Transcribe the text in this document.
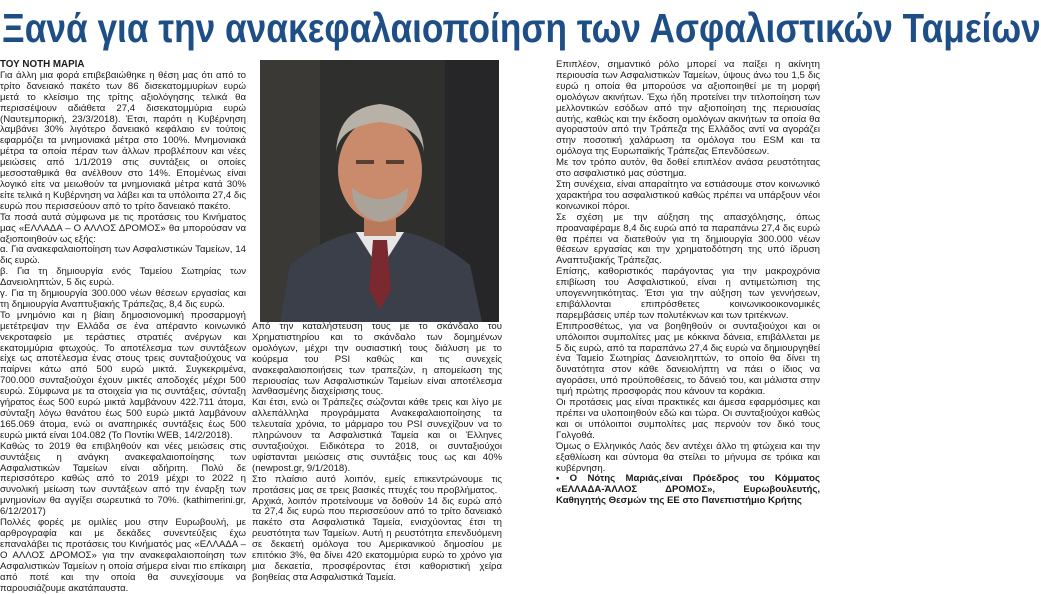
Ξανά για την ανακεφαλαιοποίηση των Ασφαλιστικών Ταμείων

ΤΟΥ ΝΟΤΗ ΜΑΡΙΑ

Για άλλη μια φορά επιβεβαιώθηκε η θέση μας ότι από το τρίτο δανειακό πακέτο των 86 δισεκατομμυρίων ευρώ μετά το κλείσιμο της τρίτης αξιολόγησης τελικά θα περισσέψουν αδιάθετα 27,4 δισεκατομμύρια ευρώ (Ναυτεμπορική, 23/3/2018). Έτσι, παρότι η Κυβέρνηση λαμβάνει 30% λιγότερο δανειακό κεφάλαιο εν τούτοις εφαρμόζει τα μνημονιακά μέτρα στο 100%. Μνημονιακά μέτρα τα οποία πέραν των άλλων προβλέπουν και νέες μειώσεις από 1/1/2019 στις συντάξεις οι οποίες μεσοσταθμικά θα ανέλθουν στο 14%. Επομένως είναι λογικό είτε να μειωθούν τα μνημονιακά μέτρα κατά 30% είτε τελικά η Κυβέρνηση να λάβει και τα υπόλοιπα 27,4 δις ευρώ που περισσεύουν από το τρίτο δανειακό πακέτο.

Τα ποσά αυτά σύμφωνα με τις προτάσεις του Κινήματος μας «ΕΛΛΑΔΑ – Ο ΑΛΛΟΣ ΔΡΟΜΟΣ» θα μπορούσαν να αξιοποιηθούν ως εξής:

α. Για ανακεφαλαιοποίηση των Ασφαλιστικών Ταμείων, 14 δις ευρώ.

β. Για τη δημιουργία ενός Ταμείου Σωτηρίας των Δανειοληπτών, 5 δις ευρώ.

γ. Για τη δημιουργία 300.000 νέων θέσεων εργασίας και τη δημιουργία Αναπτυξιακής Τράπεζας, 8,4 δις ευρώ.

Το μνημόνιο και η βίαιη δημοσιονομική προσαρμογή μετέτρεψαν την Ελλάδα σε ένα απέραντο κοινωνικό νεκροταφείο με τεράστιες στρατιές ανέργων και εκατομμύρια φτωχούς. Το αποτέλεσμα των συντάξεων είχε ως αποτέλεσμα ένας στους τρεις συνταξιούχους να παίρνει κάτω από 500 ευρώ μικτά. Συγκεκριμένα, 700.000 συνταξιούχοι έχουν μικτές αποδοχές μέχρι 500 ευρώ. Σύμφωνα με τα στοιχεία για τις συντάξεις, σύνταξη γήρατος έως 500 ευρώ μικτά λαμβάνουν 422.711 άτομα, σύνταξη λόγω θανάτου έως 500 ευρώ μικτά λαμβάνουν 165.069 άτομα, ενώ οι αναπηρικές συντάξεις έως 500 ευρώ μικτά είναι 104.082 (Το Ποντίκι WEB, 14/2/2018).

Καθώς το 2019 θα επιβληθούν και νέες μειώσεις στις συντάξεις η ανάγκη ανακεφαλαιοποίησης των Ασφαλιστικών Ταμείων είναι αδήριτη. Πολύ δε περισσότερο καθώς από το 2019 μέχρι το 2022 η συνολική μείωση των συντάξεων από την έναρξη των μνημονίων θα αγγίξει σωρευτικά το 70%. (kathimerini.gr, 6/12/2017)

Πολλές φορές με ομιλίες μου στην Ευρωβουλή, με αρθρογραφία και με δεκάδες συνεντεύξεις έχω επαναλάβει τις προτάσεις του Κινήματός μας «ΕΛΛΑΔΑ – Ο ΑΛΛΟΣ ΔΡΟΜΟΣ» για την ανακεφαλαιοποίηση των Ασφαλιστικών Ταμείων η οποία σήμερα είναι πιο επίκαιρη από ποτέ και την οποία θα συνεχίσουμε να παρουσιάζουμε ακατάπαυστα.

Από την καταλήστευση τους με το σκάνδαλο του Χρηματιστηρίου και το σκάνδαλο των δομημένων ομολόγων, μέχρι την ουσιαστική τους διάλυση με το κούρεμα του PSI καθώς και τις συνεχείς ανακεφαλαιοποιήσεις των τραπεζών, η απομείωση της περιουσίας των Ασφαλιστικών Ταμείων είναι αποτέλεσμα λανθασμένης διαχείρισης τους.

Και έτσι, ενώ οι Τράπεζες σώζονται κάθε τρεις και λίγο με αλλεπάλληλα προγράμματα Ανακεφαλαιοποίησης τα τελευταία χρόνια, το μάρμαρο του PSI συνεχίζουν να το πληρώνουν τα Ασφαλιστικά Ταμεία και οι Έλληνες συνταξιούχοι. Ειδικότερα το 2018, οι συνταξιούχοι υφίστανται μειώσεις στις συντάξεις τους ως και 40% (newpost.gr, 9/1/2018).

Στο πλαίσιο αυτό λοιπόν, εμείς επικεντρώνουμε τις προτάσεις μας σε τρεις βασικές πτυχές του προβλήματος.

Αρχικά, λοιπόν προτείνουμε να δοθούν 14 δις ευρώ από τα 27,4 δις ευρώ που περισσεύουν από το τρίτο δανειακό πακέτο στα Ασφαλιστικά Ταμεία, ενισχύοντας έτσι τη ρευστότητα των Ταμείων. Αυτή η ρευστότητα επενδυόμενη σε δεκαετή ομόλογα του Αμερικανικού δημοσίου με επιτόκιο 3%, θα δίνει 420 εκατομμύρια ευρώ το χρόνο για μια δεκαετία, προσφέροντας έτσι καθοριστική χείρα βοηθείας στα Ασφαλιστικά Ταμεία.

Επιπλέον, σημαντικό ρόλο μπορεί να παίξει η ακίνητη περιουσία των Ασφαλιστικών Ταμείων, ύψους άνω του 1,5 δις ευρώ η οποία θα μπορούσε να αξιοποιηθεί με τη μορφή ομολόγων ακινήτων. Έχω ήδη προτείνει την τιτλοποίηση των μελλοντικών εσόδων από την αξιοποίηση της περιουσίας αυτής, καθώς και την έκδοση ομολόγων ακινήτων τα οποία θα αγοραστούν από την Τράπεζα της Ελλάδος αντί να αγοράζει στην ποσοτική χαλάρωση τα ομόλογα του ESM και τα ομόλογα της Ευρωπαϊκής Τράπεζας Επενδύσεων.

Με τον τρόπο αυτόν, θα δοθεί επιπλέον ανάσα ρευστότητας στο ασφαλιστικό μας σύστημα.

Στη συνέχεια, είναι απαραίτητο να εστιάσουμε στον κοινωνικό χαρακτήρα του ασφαλιστικού καθώς πρέπει να υπάρξουν νέοι κοινωνικοί πόροι.

Σε σχέση με την αύξηση της απασχόλησης, όπως προαναφέραμε 8,4 δις ευρώ από τα παραπάνω 27,4 δις ευρώ θα πρέπει να διατεθούν για τη δημιουργία 300.000 νέων θέσεων εργασίας και την χρηματοδότηση της υπό ίδρυση Αναπτυξιακής Τράπεζας.

Επίσης, καθοριστικός παράγοντας για την μακροχρόνια επιβίωση του Ασφαλιστικού, είναι η αντιμετώπιση της υπογεννητικότητας. Έτσι για την αύξηση των γεννήσεων, επιβάλλονται επιπρόσθετες κοινωνικοοικονομικές παρεμβάσεις υπέρ των πολυτέκνων και των τριτέκνων.

Επιπροσθέτως, για να βοηθηθούν οι συνταξιούχοι και οι υπόλοιποι συμπολίτες μας με κόκκινα δάνεια, επιβάλλεται με 5 δις ευρώ, από τα παραπάνω 27,4 δις ευρώ να δημιουργηθεί ένα Ταμείο Σωτηρίας Δανειοληπτών, το οποίο θα δίνει τη δυνατότητα στον κάθε δανειολήπτη να πάει ο ίδιος να αγοράσει, υπό προϋποθέσεις, το δάνειό του, και μάλιστα στην τιμή πρώτης προσφοράς που κάνουν τα κοράκια.

Οι προτάσεις μας είναι πρακτικές και άμεσα εφαρμόσιμες και πρέπει να υλοποιηθούν εδώ και τώρα. Οι συνταξιούχοι καθώς και οι υπόλοιποι συμπολίτες μας περνούν τον δικό τους Γολγοθά.

Όμως ο Ελληνικός Λαός δεν αντέχει άλλο τη φτώχεια και την εξαθλίωση και σύντομα θα στείλει το μήνυμα σε τρόικα και κυβέρνηση.

• Ο Νότης Μαριάς,είναι Πρόεδρος του Κόμματος «ΕΛΛΑΔΑ-ΆΛΛΟΣ ΔΡΟΜΟΣ», Ευρωβουλευτής, Καθηγητής Θεσμών της ΕΕ στο Πανεπιστήμιο Κρήτης
